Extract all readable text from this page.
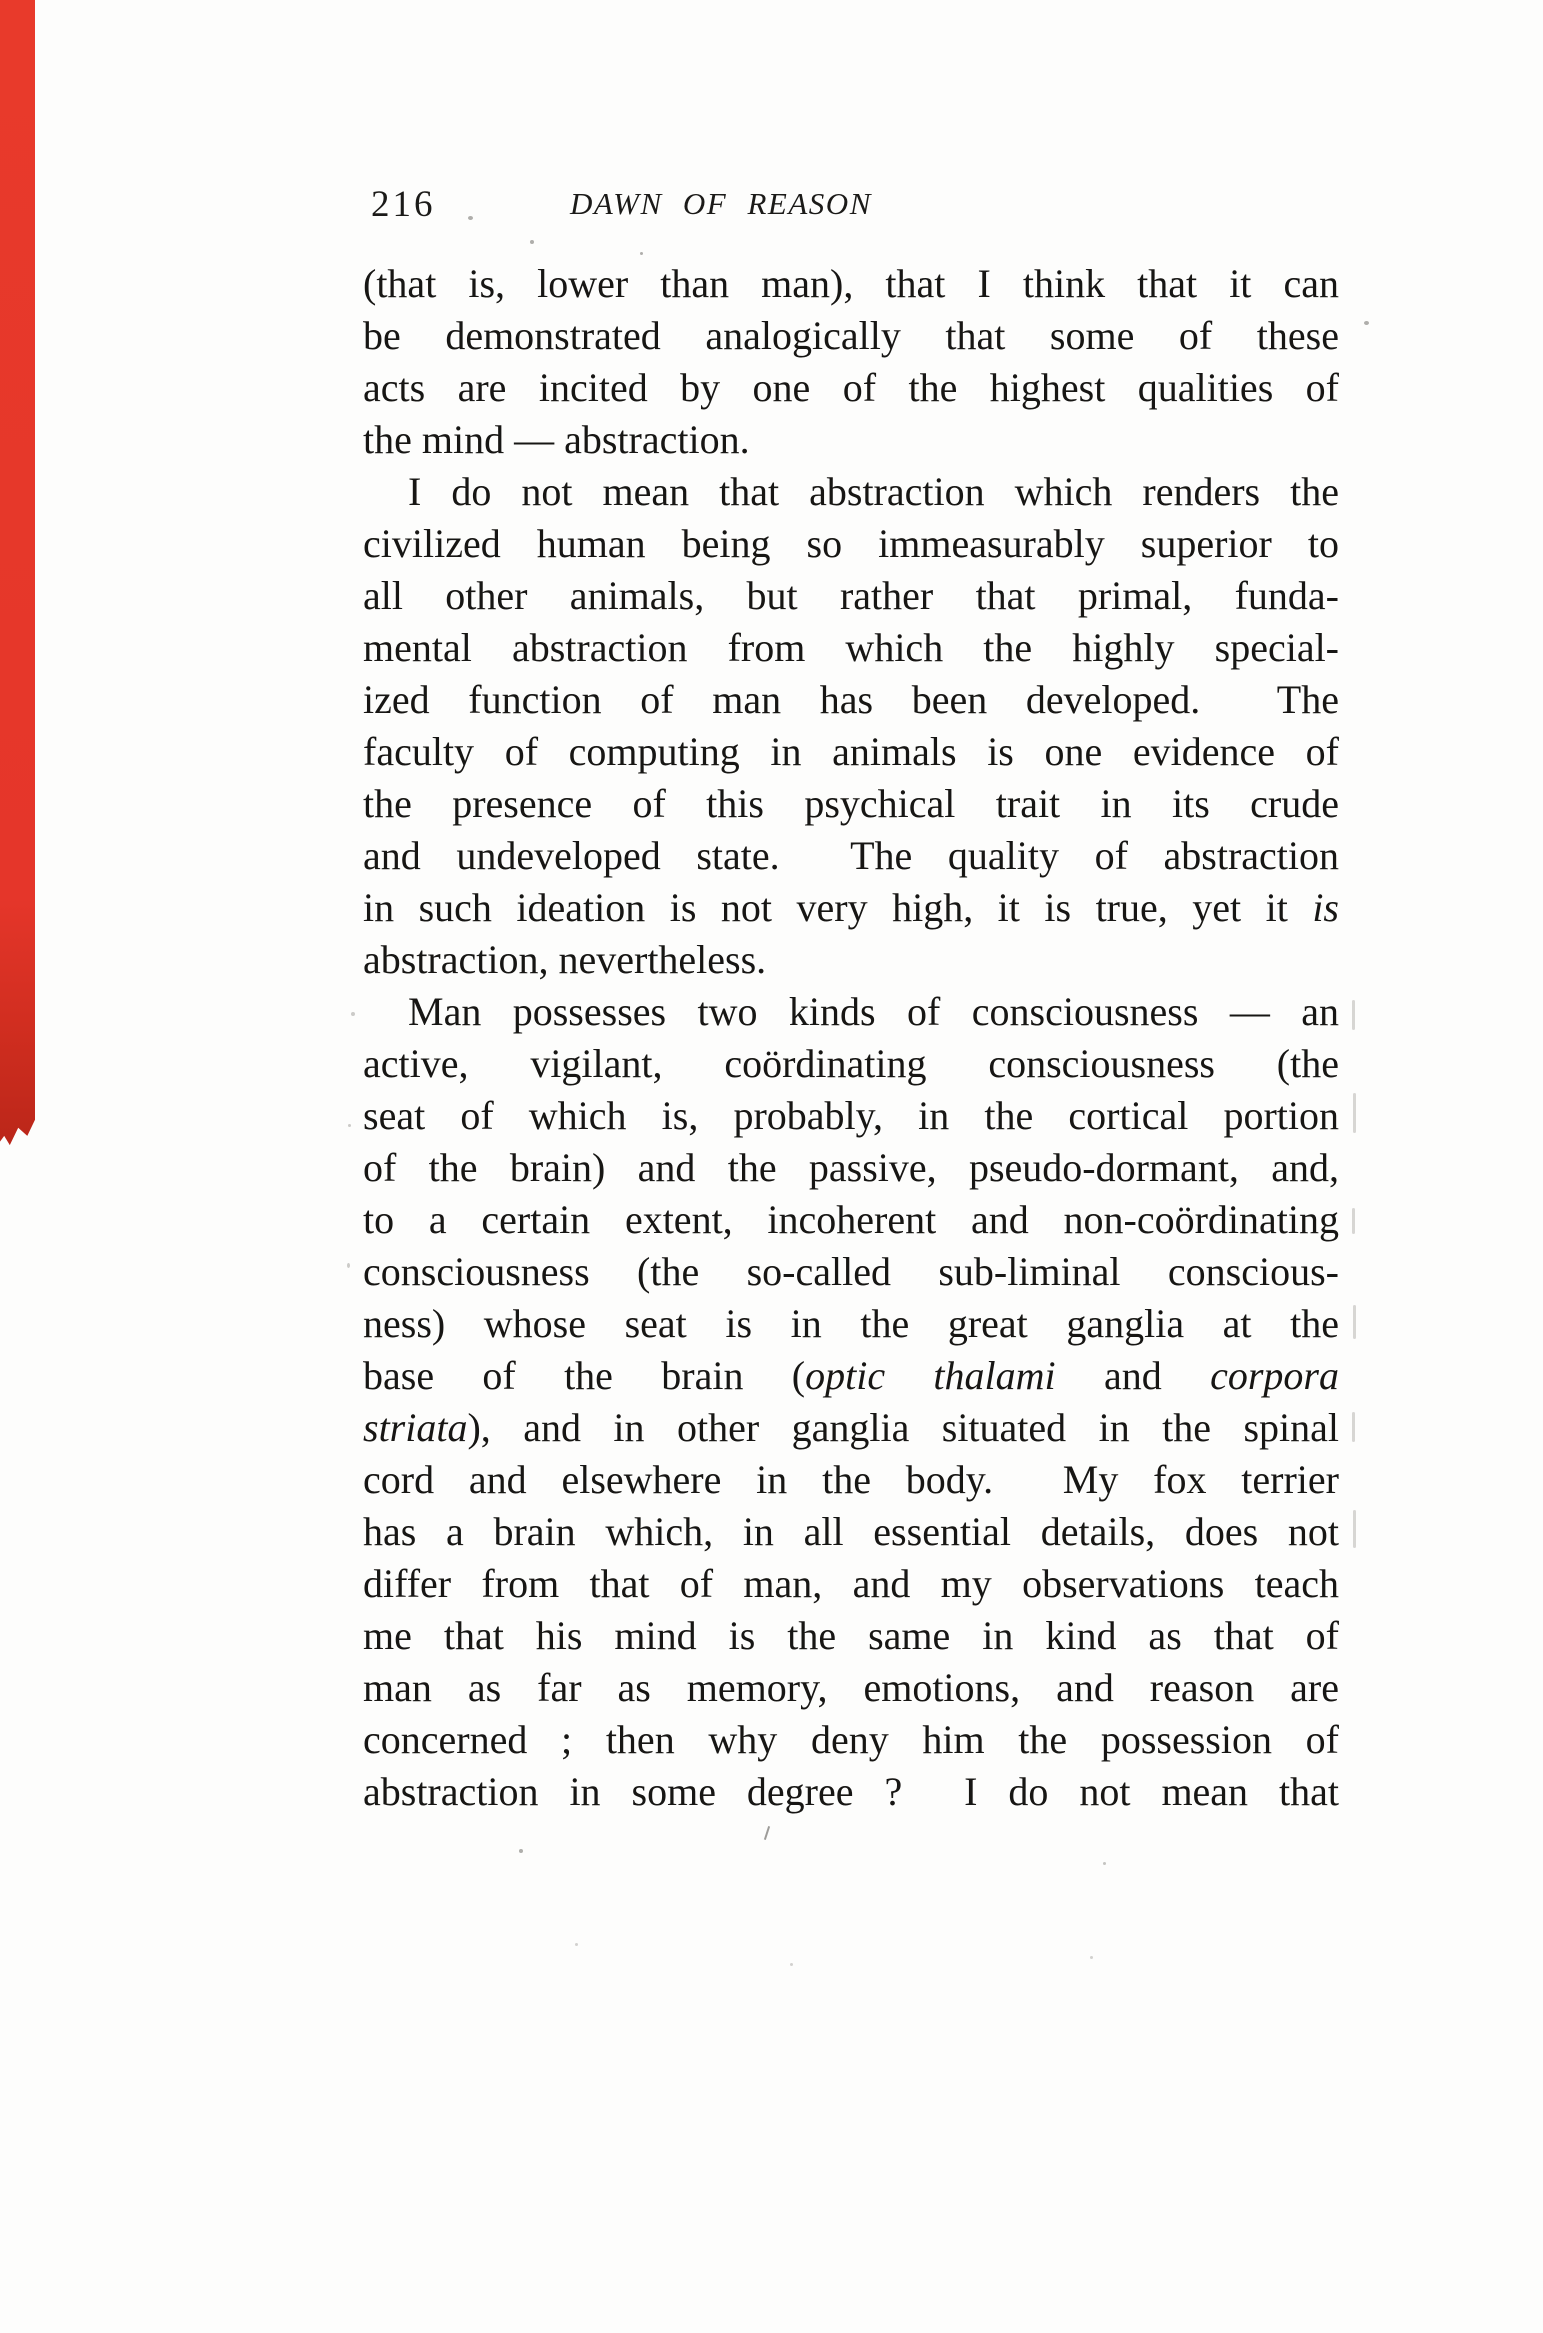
216	DAWN OF REASON
(that is, lower than man), that I think that it can
be demonstrated analogically that some of these
acts are incited by one of the highest qualities of
the mind — abstraction.
I do not mean that abstraction which renders the
civilized human being so immeasurably superior to
all other animals, but rather that primal, funda-
mental abstraction from which the highly special-
ized function of man has been developed.  The
faculty of computing in animals is one evidence of
the presence of this psychical trait in its crude
and undeveloped state.  The quality of abstraction
in such ideation is not very high, it is true, yet it is
abstraction, nevertheless.
Man possesses two kinds of consciousness — an
active, vigilant, coördinating consciousness (the
seat of which is, probably, in the cortical portion
of the brain) and the passive, pseudo-dormant, and,
to a certain extent, incoherent and non-coördinating
consciousness (the so-called sub-liminal conscious-
ness) whose seat is in the great ganglia at the
base of the brain (optic thalami and corpora
striata), and in other ganglia situated in the spinal
cord and elsewhere in the body.  My fox terrier
has a brain which, in all essential details, does not
differ from that of man, and my observations teach
me that his mind is the same in kind as that of
man as far as memory, emotions, and reason are
concerned ; then why deny him the possession of
abstraction in some degree ?  I do not mean that
